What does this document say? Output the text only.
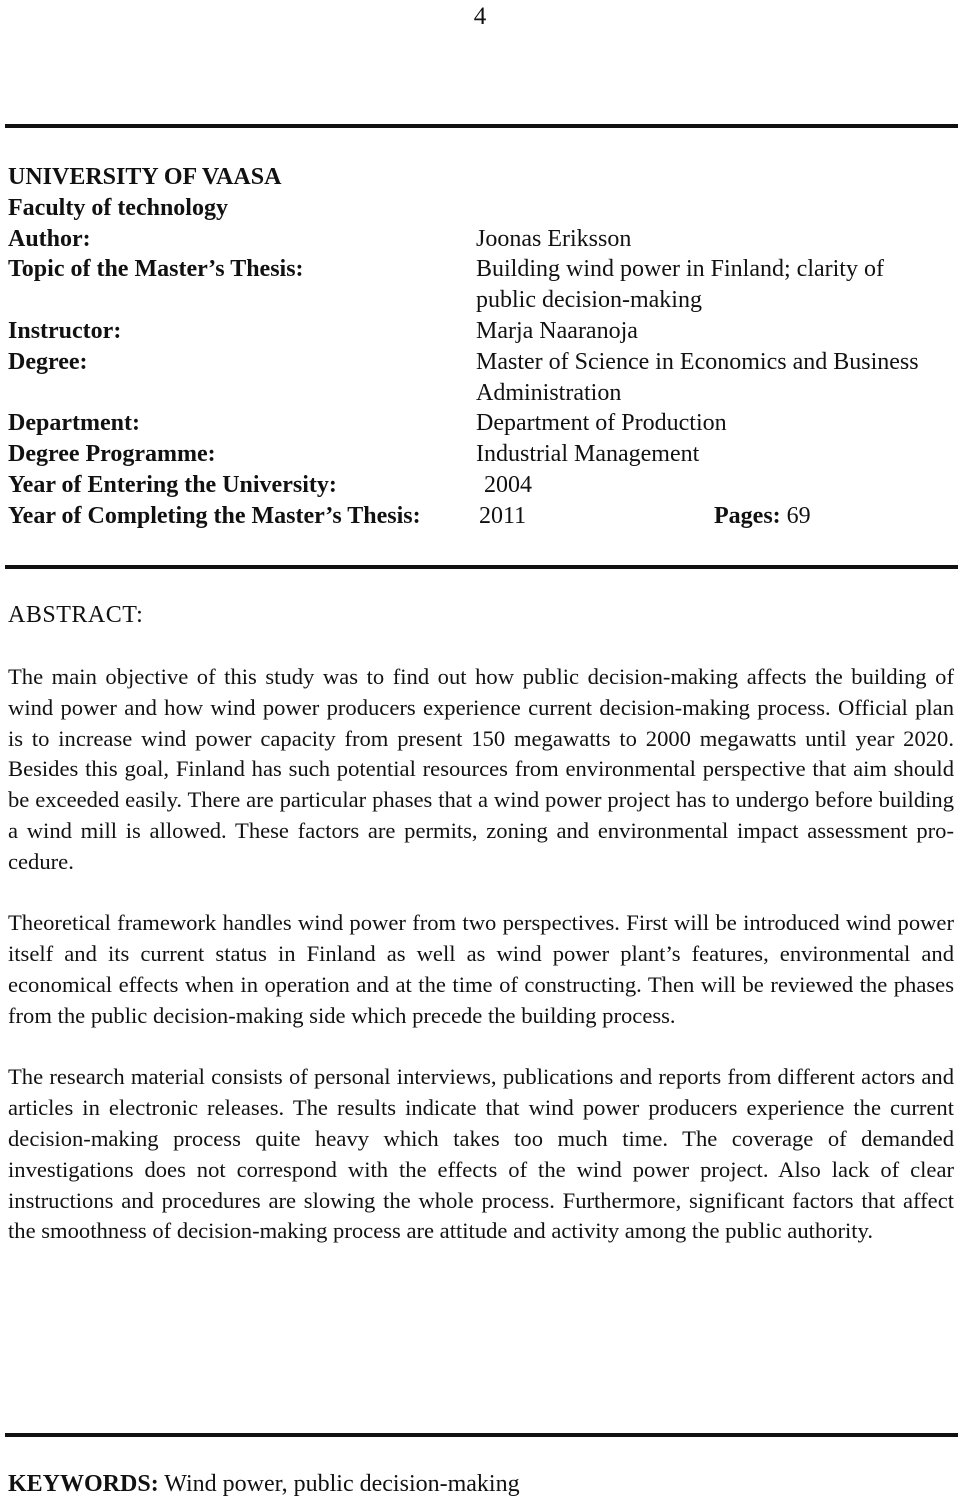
4
UNIVERSITY OF VAASA
Faculty of technology
Author:	Joonas Eriksson
Topic of the Master’s Thesis:	Building wind power in Finland; clarity of public decision-making
Instructor:	Marja Naaranoja
Degree:	Master of Science in Economics and Business Administration
Department:	Department of Production
Degree Programme:	Industrial Management
Year of Entering the University:	2004
Year of Completing the Master’s Thesis: 2011	Pages: 69
ABSTRACT:

The main objective of this study was to find out how public decision-making affects the building of wind power and how wind power producers experience current decision-making process. Official plan is to increase wind power capacity from present 150 megawatts to 2000 megawatts until year 2020. Besides this goal, Finland has such potential resources from environmental perspective that aim should be exceeded easily. There are particular phases that a wind power project has to undergo before building a wind mill is allowed. These factors are permits, zoning and environmental impact assessment procedure.

Theoretical framework handles wind power from two perspectives. First will be introduced wind power itself and its current status in Finland as well as wind power plant’s features, environmental and economical effects when in operation and at the time of constructing. Then will be reviewed the phases from the public decision-making side which precede the building process.

The research material consists of personal interviews, publications and reports from different actors and articles in electronic releases. The results indicate that wind power producers experience the current decision-making process quite heavy which takes too much time. The coverage of demanded investigations does not correspond with the effects of the wind power project. Also lack of clear instructions and procedures are slowing the whole process. Furthermore, significant factors that affect the smoothness of decision-making process are attitude and activity among the public authority.

KEYWORDS: Wind power, public decision-making
